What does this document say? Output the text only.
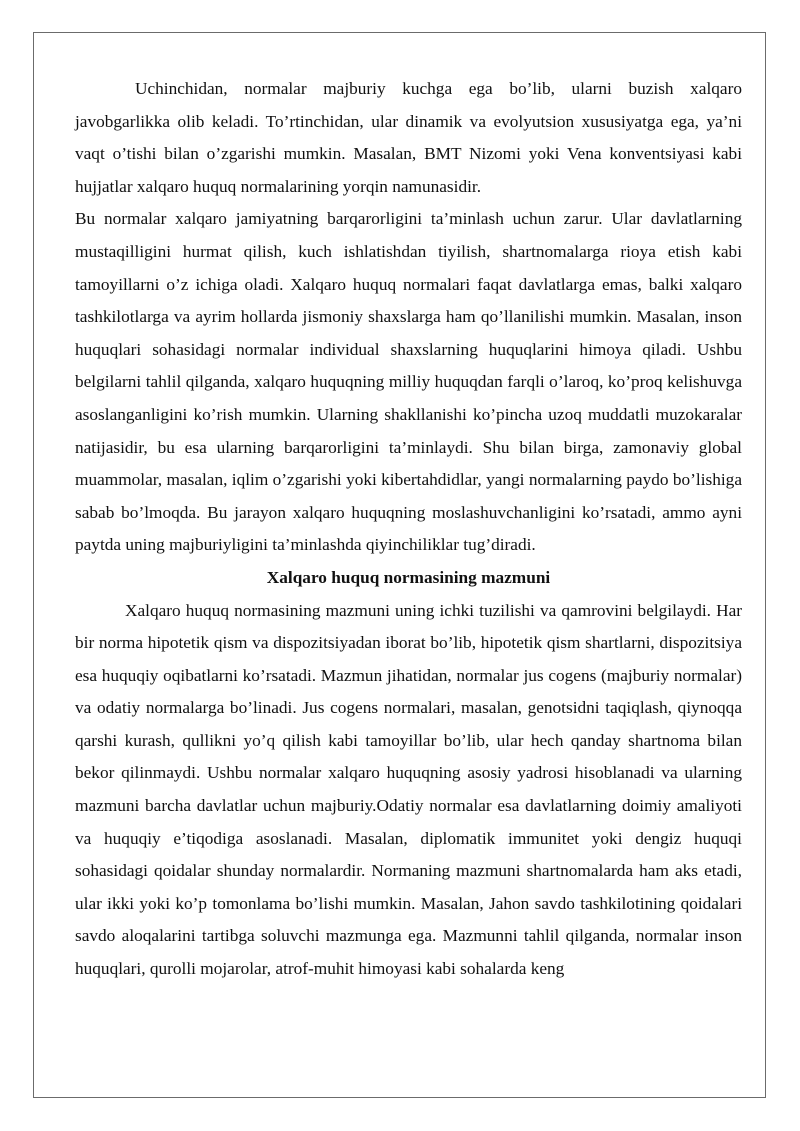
Uchinchidan, normalar majburiy kuchga ega bo’lib, ularni buzish xalqaro javobgarlikka olib keladi. To’rtinchidan, ular dinamik va evolyutsion xususiyatga ega, ya’ni vaqt o’tishi bilan o’zgarishi mumkin. Masalan, BMT Nizomi yoki Vena konventsiyasi kabi hujjatlar xalqaro huquq normalarining yorqin namunasidir.

Bu normalar xalqaro jamiyatning barqarorligini ta’minlash uchun zarur. Ular davlatlarning mustaqilligini hurmat qilish, kuch ishlatishdan tiyilish, shartnomalarga rioya etish kabi tamoyillarni o’z ichiga oladi. Xalqaro huquq normalari faqat davlatlarga emas, balki xalqaro tashkilotlarga va ayrim hollarda jismoniy shaxslarga ham qo’llanilishi mumkin. Masalan, inson huquqlari sohasidagi normalar individual shaxslarning huquqlarini himoya qiladi. Ushbu belgilarni tahlil qilganda, xalqaro huquqning milliy huquqdan farqli o’laroq, ko’proq kelishuvga asoslanganligini ko’rish mumkin. Ularning shakllanishi ko’pincha uzoq muddatli muzokaralar natijasidir, bu esa ularning barqarorligini ta’minlaydi. Shu bilan birga, zamonaviy global muammolar, masalan, iqlim o’zgarishi yoki kibertahdidlar, yangi normalarning paydo bo’lishiga sabab bo’lmoqda. Bu jarayon xalqaro huquqning moslashuvchanligini ko’rsatadi, ammo ayni paytda uning majburiyligini ta’minlashda qiyinchiliklar tug’diradi.

Xalqaro huquq normasining mazmuni

Xalqaro huquq normasining mazmuni uning ichki tuzilishi va qamrovini belgilaydi. Har bir norma hipotetik qism va dispozitsiyadan iborat bo’lib, hipotetik qism shartlarni, dispozitsiya esa huquqiy oqibatlarni ko’rsatadi. Mazmun jihatidan, normalar jus cogens (majburiy normalar) va odatiy normalarga bo’linadi. Jus cogens normalari, masalan, genotsidni taqiqlash, qiynoqqa qarshi kurash, qullikni yo’q qilish kabi tamoyillar bo’lib, ular hech qanday shartnoma bilan bekor qilinmaydi. Ushbu normalar xalqaro huquqning asosiy yadrosi hisoblanadi va ularning mazmuni barcha davlatlar uchun majburiy.Odatiy normalar esa davlatlarning doimiy amaliyoti va huquqiy e’tiqodiga asoslanadi. Masalan, diplomatik immunitet yoki dengiz huquqi sohasidagi qoidalar shunday normalardir. Normaning mazmuni shartnomalarda ham aks etadi, ular ikki yoki ko’p tomonlama bo’lishi mumkin. Masalan, Jahon savdo tashkilotining qoidalari savdo aloqalarini tartibga soluvchi mazmunga ega. Mazmunni tahlil qilganda, normalar inson huquqlari, qurolli mojarolar, atrof-muhit himoyasi kabi sohalarda keng
